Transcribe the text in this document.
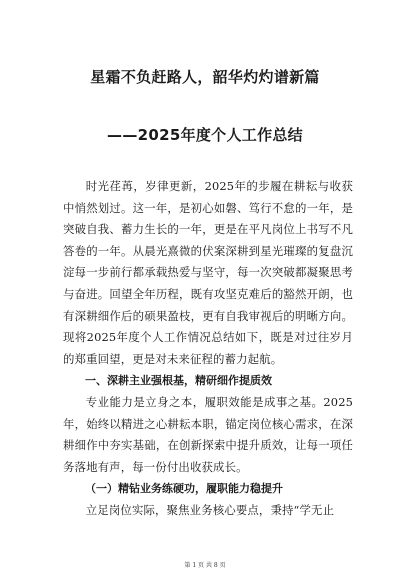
星霜不负赶路人，韶华灼灼谱新篇
——2025年度个人工作总结

时光荏苒，岁律更新，2025年的步履在耕耘与收获中悄然划过。这一年，是初心如磐、笃行不怠的一年，是突破自我、蓄力生长的一年，更是在平凡岗位上书写不凡答卷的一年。从晨光熹微的伏案深耕到星光璀璨的复盘沉淀每一步前行都承载热爱与坚守，每一次突破都凝聚思考与奋进。回望全年历程，既有攻坚克难后的豁然开朗，也有深耕细作后的硕果盈枝，更有自我审视后的明晰方向。现将2025年度个人工作情况总结如下，既是对过往岁月的郑重回望，更是对未来征程的蓄力起航。

一、深耕主业强根基，精研细作提质效

专业能力是立身之本，履职效能是成事之基。2025年，始终以精进之心耕耘本职，锚定岗位核心需求，在深耕细作中夯实基础，在创新探索中提升质效，让每一项任务落地有声，每一份付出收获成长。

（一）精钻业务练硬功，履职能力稳提升

立足岗位实际，聚焦业务核心要点，秉持“学无止

第 1 页 共 8 页
